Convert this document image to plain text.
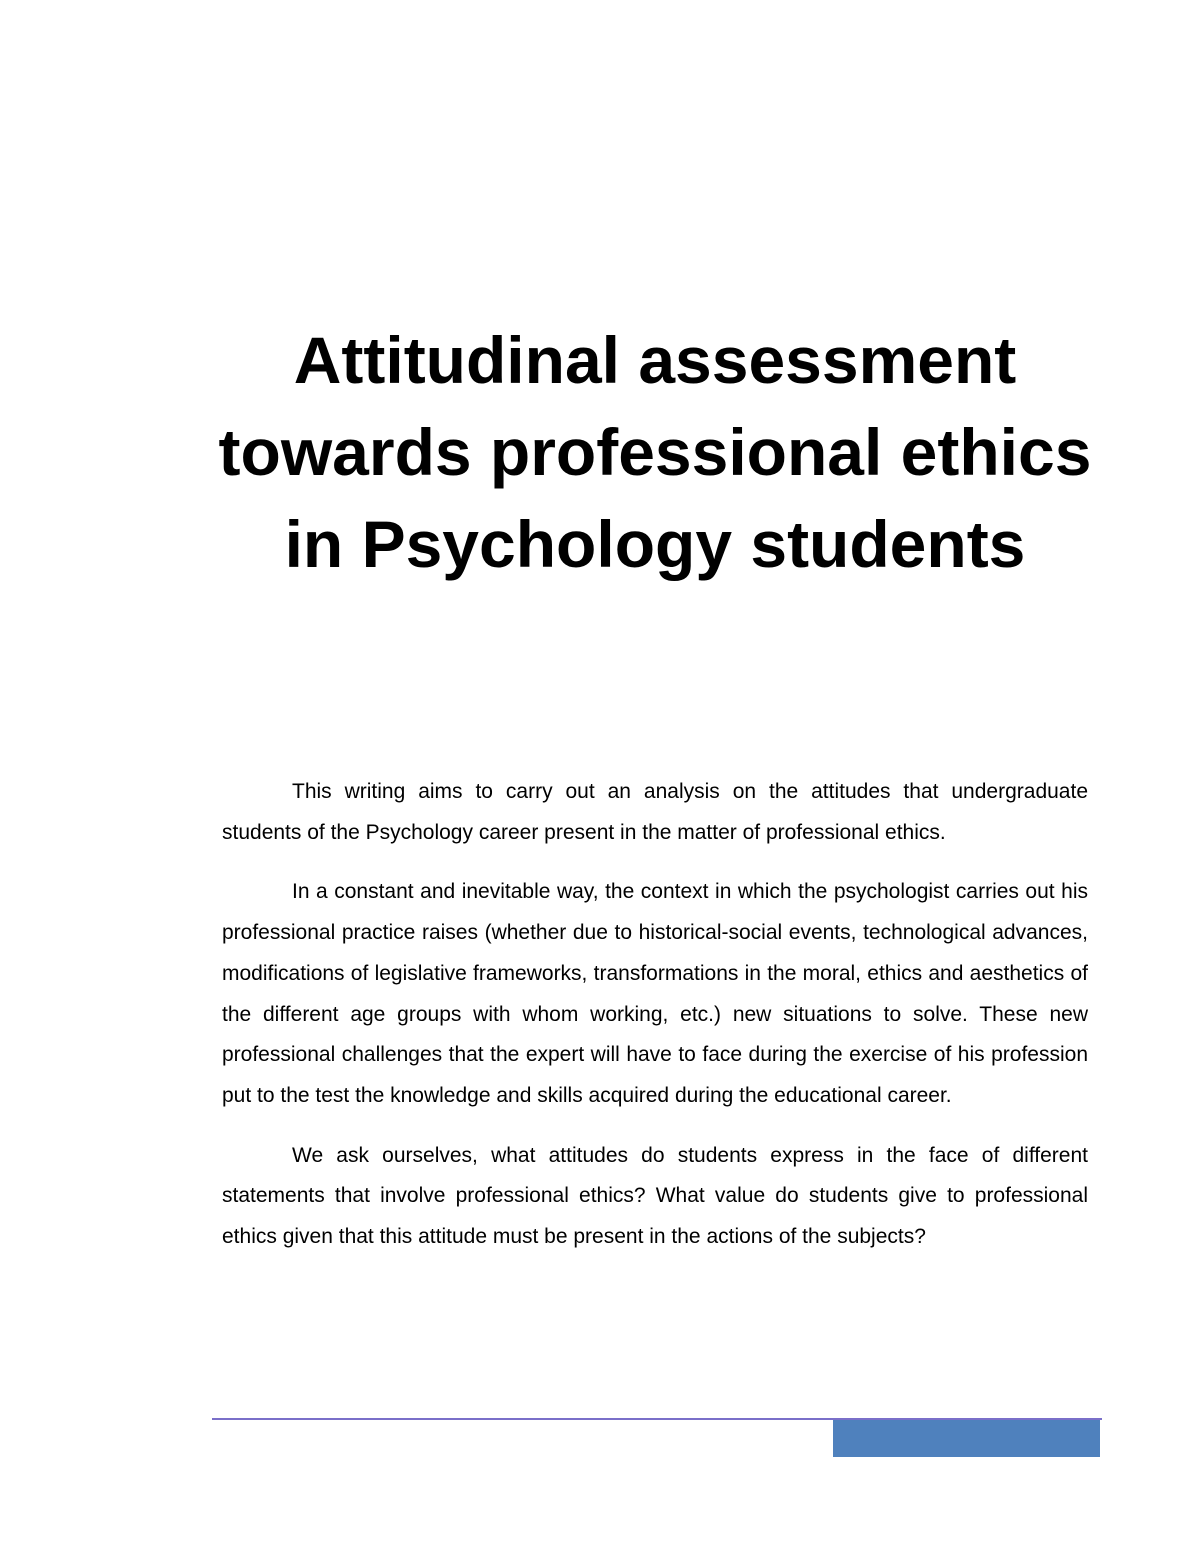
Attitudinal assessment towards professional ethics in Psychology students

This writing aims to carry out an analysis on the attitudes that undergraduate students of the Psychology career present in the matter of professional ethics.

In a constant and inevitable way, the context in which the psychologist carries out his professional practice raises (whether due to historical-social events, technological advances, modifications of legislative frameworks, transformations in the moral, ethics and aesthetics of the different age groups with whom working, etc.) new situations to solve. These new professional challenges that the expert will have to face during the exercise of his profession put to the test the knowledge and skills acquired during the educational career.

We ask ourselves, what attitudes do students express in the face of different statements that involve professional ethics? What value do students give to professional ethics given that this attitude must be present in the actions of the subjects?
